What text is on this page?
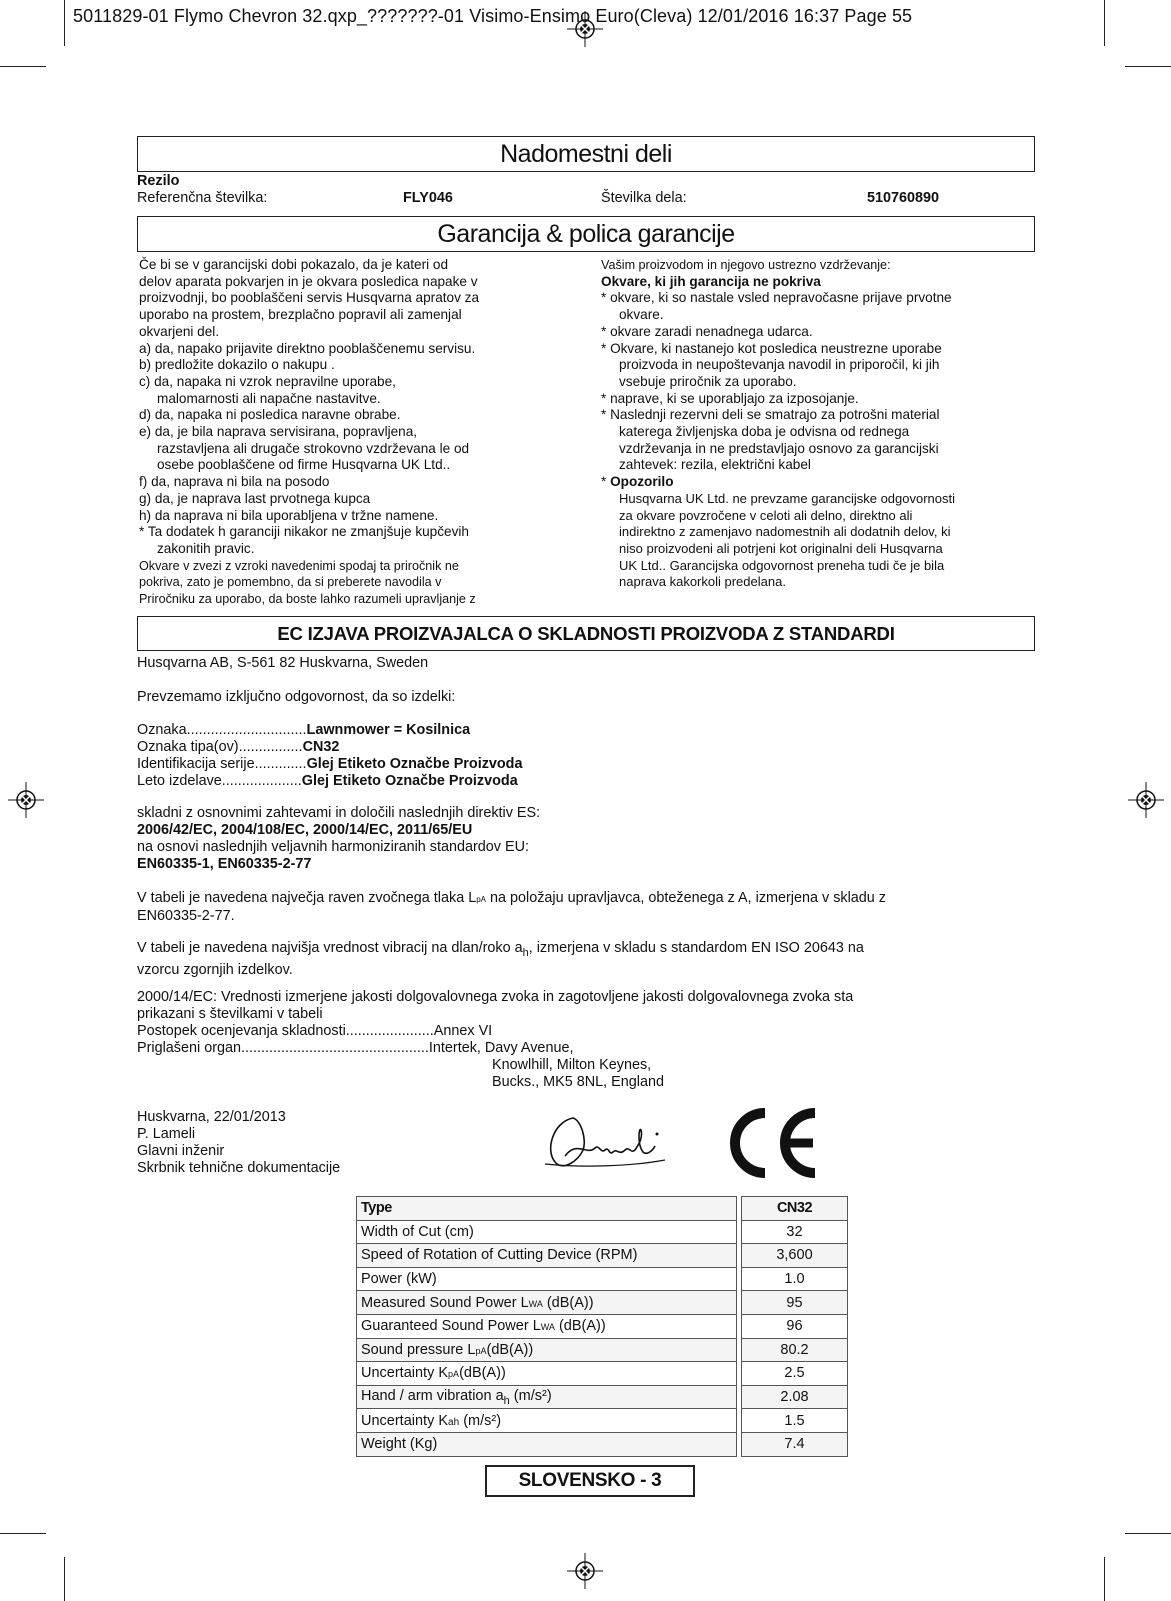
5011829-01 Flymo Chevron 32.qxp_???????-01 Visimo-Ensimo Euro(Cleva) 12/01/2016 16:37 Page 55
Nadomestni deli
Rezilo
Referenčna številka:	FLY046	Številka dela:	510760890
Garancija & polica garancije

Če bi se v garancijski dobi pokazalo, da je kateri od

delov aparata pokvarjen in je okvara posledica napake v

proizvodnji, bo pooblaščeni servis Husqvarna apratov za

uporabo na prostem, brezplačno popravil ali zamenjal

okvarjeni del.

a) da, napako prijavite direktno pooblaščenemu servisu.

b) predložite dokazilo o nakupu .

c) da, napaka ni vzrok nepravilne uporabe,

malomarnosti ali napačne nastavitve.

d) da, napaka ni posledica naravne obrabe.

e) da, je bila naprava servisirana, popravljena,

razstavljena ali drugače strokovno vzdrževana le od

osebe pooblaščene od firme Husqvarna UK Ltd..

f) da, naprava ni bila na posodo

g) da, je naprava last prvotnega kupca

h) da naprava ni bila uporabljena v tržne namene.

* Ta dodatek h garanciji nikakor ne zmanjšuje kupčevih

zakonitih pravic.

Okvare v zvezi z vzroki navedenimi spodaj ta priročnik ne

pokriva, zato je pomembno, da si preberete navodila v

Priročniku za uporabo, da boste lahko razumeli upravljanje z

Vašim proizvodom in njegovo ustrezno vzdrževanje:

Okvare, ki jih garancija ne pokriva

* okvare, ki so nastale vsled nepravočasne prijave prvotne

okvare.

* okvare zaradi nenadnega udarca.

* Okvare, ki nastanejo kot posledica neustrezne uporabe

proizvoda in neupoštevanja navodil in priporočil, ki jih

vsebuje priročnik za uporabo.

* naprave, ki se uporabljajo za izposojanje.

* Naslednji rezervni deli se smatrajo za potrošni material

katerega življenjska doba je odvisna od rednega

vzdrževanja in ne predstavljajo osnovo za garancijski

zahtevek: rezila, električni kabel

* Opozorilo

Husqvarna UK Ltd. ne prevzame garancijske odgovornosti

za okvare povzročene v celoti ali delno, direktno ali

indirektno z zamenjavo nadomestnih ali dodatnih delov, ki

niso proizvodeni ali potrjeni kot originalni deli Husqvarna

UK Ltd.. Garancijska odgovornost preneha tudi če je bila

naprava kakorkoli predelana.

EC IZJAVA PROIZVAJALCA O SKLADNOSTI PROIZVODA Z STANDARDI
Husqvarna AB, S-561 82 Huskvarna, Sweden
Prevzemamo izključno odgovornost, da so izdelki:
Oznaka.............................. Lawnmower = Kosilnica
Oznaka tipa(ov)................ CN32
Identifikacija serije............. Glej Etiketo Označbe Proizvoda
Leto izdelave.................... Glej Etiketo Označbe Proizvoda
skladni z osnovnimi zahtevami in določili naslednjih direktiv ES:
2006/42/EC, 2004/108/EC, 2000/14/EC, 2011/65/EU
na osnovi naslednjih veljavnih harmoniziranih standardov EU:
EN60335-1, EN60335-2-77
V tabeli je navedena največja raven zvočnega tlaka LpA na položaju upravljavca, obteženega z A, izmerjena v skladu z
EN60335-2-77.
V tabeli je navedena najvišja vrednost vibracij na dlan/roko $a_h$, izmerjena v skladu s standardom EN ISO 20643 na
vzorcu zgornjih izdelkov.
2000/14/EC: Vrednosti izmerjene jakosti dolgovalovnega zvoka in zagotovljene jakosti dolgovalovnega zvoka sta
prikazani s številkami v tabeli
Postopek ocenjevanja skladnosti...................... Annex VI
Priglašeni organ............................................... Intertek, Davy Avenue,
Knowlhill, Milton Keynes,
Bucks., MK5 8NL, England
Huskvarna, 22/01/2013
P. Lameli
Glavni inženir
Skrbnik tehnične dokumentacije
Type		CN32
Width of Cut (cm)		32
Speed of Rotation of Cutting Device (RPM)		3,600
Power (kW)		1.0
Measured Sound Power LWA (dB(A))		95
Guaranteed Sound Power LWA (dB(A))		96
Sound pressure LpA(dB(A))		80.2
Uncertainty KpA(dB(A))		2.5
Hand / arm vibration $a_h$ (m/s²)		2.08
Uncertainty Kah (m/s²)		1.5
Weight (Kg)		7.4
SLOVENSKO - 3
